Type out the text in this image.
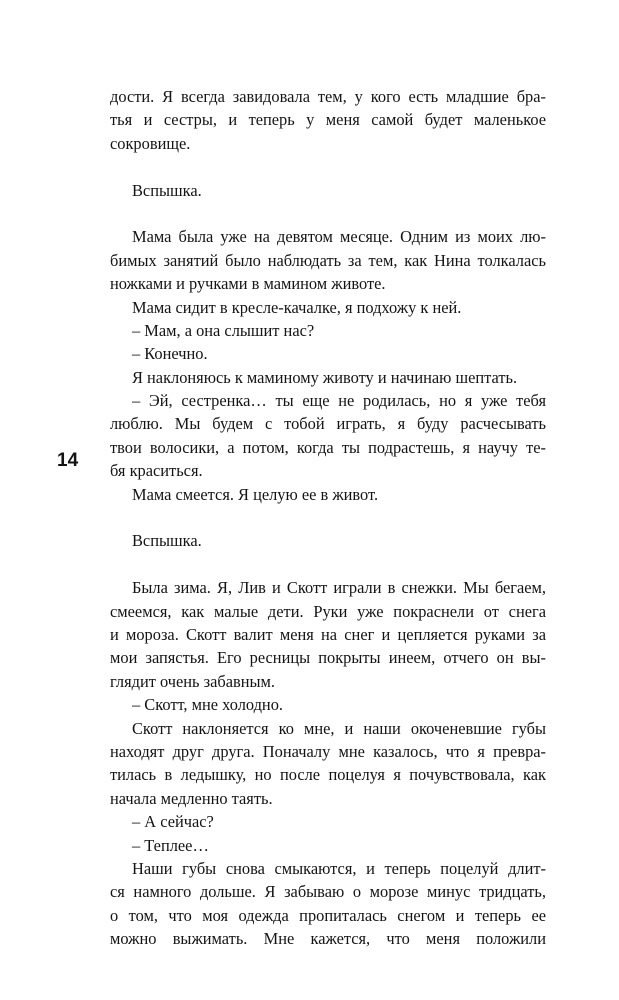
14
дости. Я всегда завидовала тем, у кого есть младшие бра-
тья и сестры, и теперь у меня самой будет маленькое
сокровище.
Вспышка.
Мама была уже на девятом месяце. Одним из моих лю-
бимых занятий было наблюдать за тем, как Нина толкалась
ножками и ручками в мамином животе.
Мама сидит в кресле-качалке, я подхожу к ней.
– Мам, а она слышит нас?
– Конечно.
Я наклоняюсь к маминому животу и начинаю шептать.
– Эй, сестренка… ты еще не родилась, но я уже тебя
люблю. Мы будем с тобой играть, я буду расчесывать
твои волосики, а потом, когда ты подрастешь, я научу те-
бя краситься.
Мама смеется. Я целую ее в живот.
Вспышка.
Была зима. Я, Лив и Скотт играли в снежки. Мы бегаем,
смеемся, как малые дети. Руки уже покраснели от снега
и мороза. Скотт валит меня на снег и цепляется руками за
мои запястья. Его ресницы покрыты инеем, отчего он вы-
глядит очень забавным.
– Скотт, мне холодно.
Скотт наклоняется ко мне, и наши окоченевшие губы
находят друг друга. Поначалу мне казалось, что я превра-
тилась в ледышку, но после поцелуя я почувствовала, как
начала медленно таять.
– А сейчас?
– Теплее…
Наши губы снова смыкаются, и теперь поцелуй длит-
ся намного дольше. Я забываю о морозе минус тридцать,
о том, что моя одежда пропиталась снегом и теперь ее
можно выжимать. Мне кажется, что меня положили
